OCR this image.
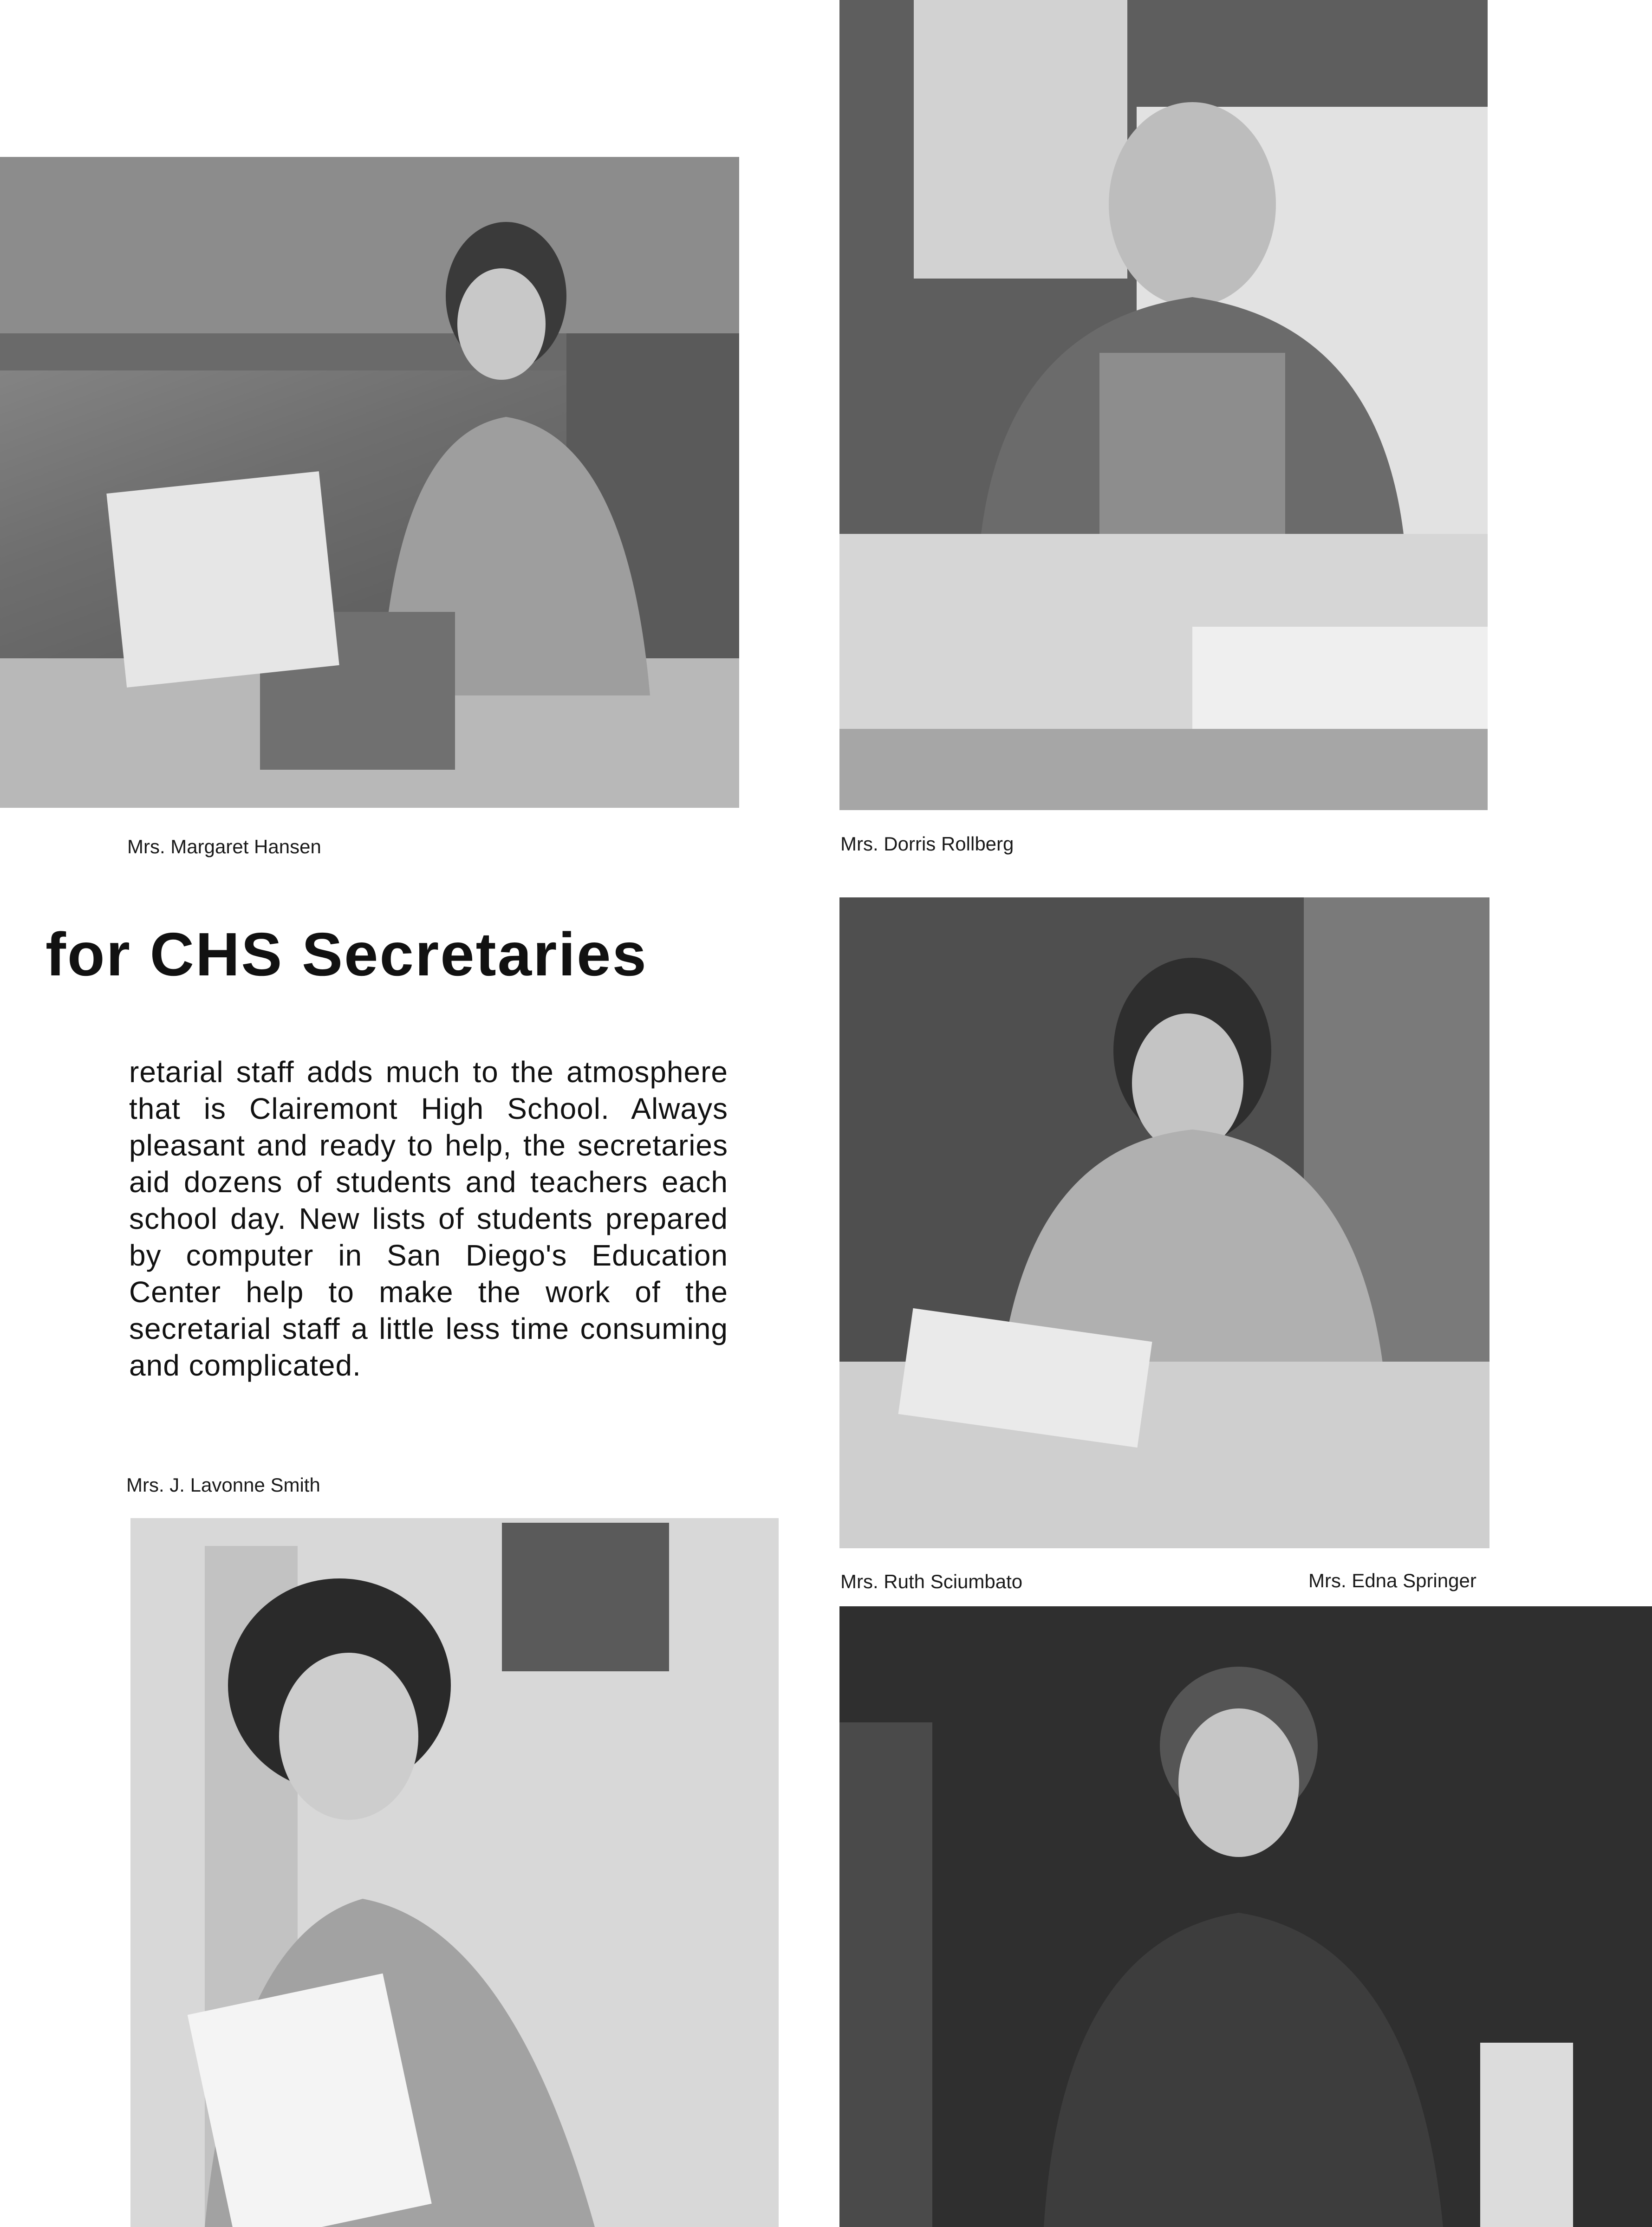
Mrs. Margaret Hansen	Mrs. Dorris Rollberg
for CHS Secretaries
retarial staff adds much to the atmosphere that is Clairemont High School. Always pleasant and ready to help, the secretaries aid dozens of students and teachers each school day. New lists of students prepared by computer in San Diego's Education Center help to make the work of the secretarial staff a little less time consuming and complicated.
Mrs. J. Lavonne Smith
Mrs. Ruth Sciumbato	Mrs. Edna Springer
